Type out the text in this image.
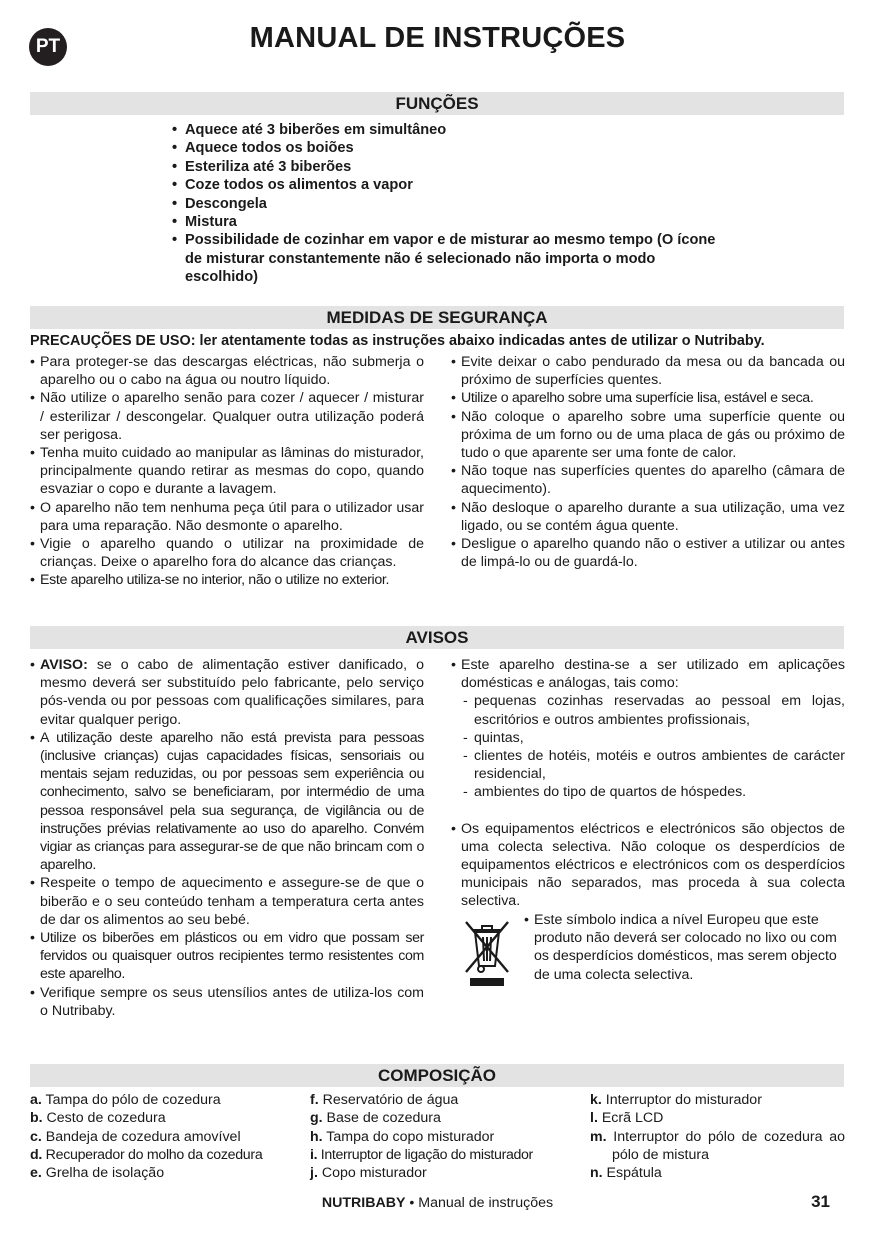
PT	MANUAL DE INSTRUÇÕES
FUNÇÕES
• Aquece até 3 biberões em simultâneo
• Aquece todos os boiões
• Esteriliza até 3 biberões
• Coze todos os alimentos a vapor
• Descongela
• Mistura
• Possibilidade de cozinhar em vapor e de misturar ao mesmo tempo (O ícone de misturar constantemente não é selecionado não importa o modo escolhido)
MEDIDAS DE SEGURANÇA

PRECAUÇÕES DE USO: ler atentamente todas as instruções abaixo indicadas antes de utilizar o Nutribaby.

• Para proteger-se das descargas eléctricas, não submerja o aparelho ou o cabo na água ou noutro líquido.
• Não utilize o aparelho senão para cozer / aquecer / misturar / esterilizar / descongelar. Qualquer outra utilização poderá ser perigosa.
• Tenha muito cuidado ao manipular as lâminas do misturador, principalmente quando retirar as mesmas do copo, quando esvaziar o copo e durante a lavagem.
• O aparelho não tem nenhuma peça útil para o utilizador usar para uma reparação. Não desmonte o aparelho.
• Vigie o aparelho quando o utilizar na proximidade de crianças. Deixe o aparelho fora do alcance das crianças.
• Este aparelho utiliza-se no interior, não o utilize no exterior.
• Evite deixar o cabo pendurado da mesa ou da bancada ou próximo de superfícies quentes.
• Utilize o aparelho sobre uma superfície lisa, estável e seca.
• Não coloque o aparelho sobre uma superfície quente ou próxima de um forno ou de uma placa de gás ou próximo de tudo o que aparente ser uma fonte de calor.
• Não toque nas superfícies quentes do aparelho (câmara de aquecimento).
• Não desloque o aparelho durante a sua utilização, uma vez ligado, ou se contém água quente.
• Desligue o aparelho quando não o estiver a utilizar ou antes de limpá-lo ou de guardá-lo.
AVISOS
• AVISO: se o cabo de alimentação estiver danificado, o mesmo deverá ser substituído pelo fabricante, pelo serviço pós-venda ou por pessoas com qualificações similares, para evitar qualquer perigo.
• A utilização deste aparelho não está prevista para pessoas (inclusive crianças) cujas capacidades físicas, sensoriais ou mentais sejam reduzidas, ou por pessoas sem experiência ou conhecimento, salvo se beneficiaram, por intermédio de uma pessoa responsável pela sua segurança, de vigilância ou de instruções prévias relativamente ao uso do aparelho. Convém vigiar as crianças para assegurar-se de que não brincam com o aparelho.
• Respeite o tempo de aquecimento e assegure-se de que o biberão e o seu conteúdo tenham a temperatura certa antes de dar os alimentos ao seu bebé.
• Utilize os biberões em plásticos ou em vidro que possam ser fervidos ou quaisquer outros recipientes termo resistentes com este aparelho.
• Verifique sempre os seus utensílios antes de utiliza-los com o Nutribaby.
• Este aparelho destina-se a ser utilizado em aplicações domésticas e análogas, tais como:
- pequenas cozinhas reservadas ao pessoal em lojas, escritórios e outros ambientes profissionais,
- quintas,
- clientes de hotéis, motéis e outros ambientes de carácter residencial,
- ambientes do tipo de quartos de hóspedes.
• Os equipamentos eléctricos e electrónicos são objectos de uma colecta selectiva. Não coloque os desperdícios de equipamentos eléctricos e electrónicos com os desperdícios municipais não separados, mas proceda à sua colecta selectiva.
• Este símbolo indica a nível Europeu que este produto não deverá ser colocado no lixo ou com os desperdícios domésticos, mas serem objecto de uma colecta selectiva.
COMPOSIÇÃO
a. Tampa do pólo de cozedura
b. Cesto de cozedura
c. Bandeja de cozedura amovível
d. Recuperador do molho da cozedura
e. Grelha de isolação
f. Reservatório de água
g. Base de cozedura
h. Tampa do copo misturador
i. Interruptor de ligação do misturador
j. Copo misturador
k. Interruptor do misturador
l. Ecrã LCD
m. Interruptor do pólo de cozedura ao pólo de mistura
n. Espátula
NUTRIBABY • Manual de instruções	31
